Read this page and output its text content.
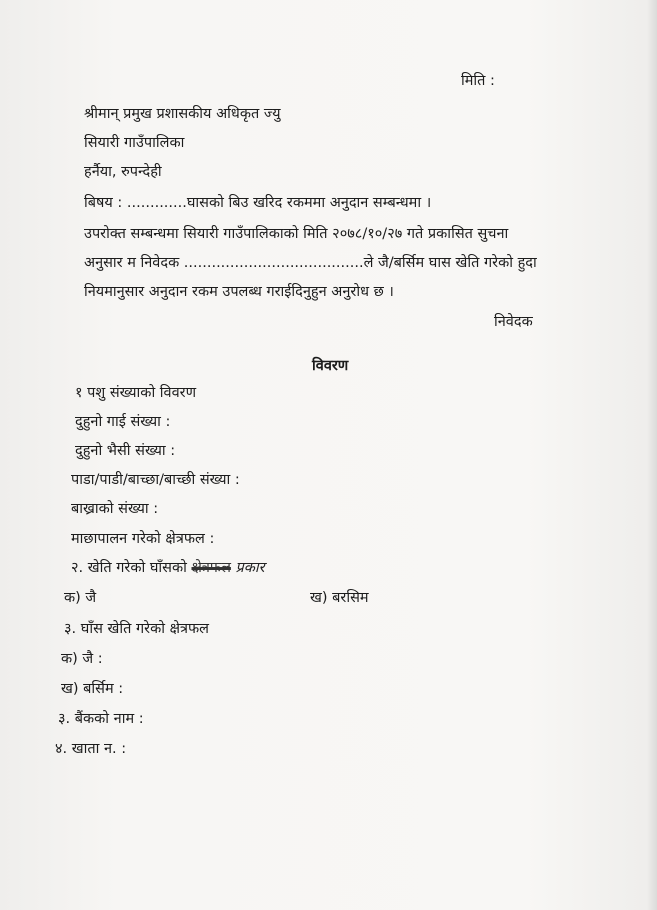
मिति :
श्रीमान् प्रमुख प्रशासकीय अधिकृत ज्यु
सियारी गाउँपालिका
हर्नैया, रुपन्देही
बिषय : .............घासको बिउ खरिद रकममा अनुदान सम्बन्धमा ।
उपरोक्त सम्बन्धमा सियारी गाउँपालिकाको मिति २०७८/१०/२७ गते प्रकासित सुचना
अनुसार म निवेदक .......................................ले जै/बर्सिम घास खेति गरेको हुदा
नियमानुसार अनुदान रकम उपलब्ध गराईदिनुहुन अनुरोध छ ।
निवेदक
विवरण
१ पशु संख्याको विवरण
दुहुनो गाई संख्या :
दुहुनो भैसी संख्या :
पाडा/पाडी/बाच्छा/बाच्छी संख्या :
बाख्राको संख्या :
माछापालन गरेको क्षेत्रफल :
२. खेति गरेको घाँसको क्षेत्रफल प्रकार
क) जै	ख) बरसिम
३. घाँस खेति गरेको क्षेत्रफल
क) जै :
ख) बर्सिम :
३. बैंकको नाम :
४. खाता न. :
